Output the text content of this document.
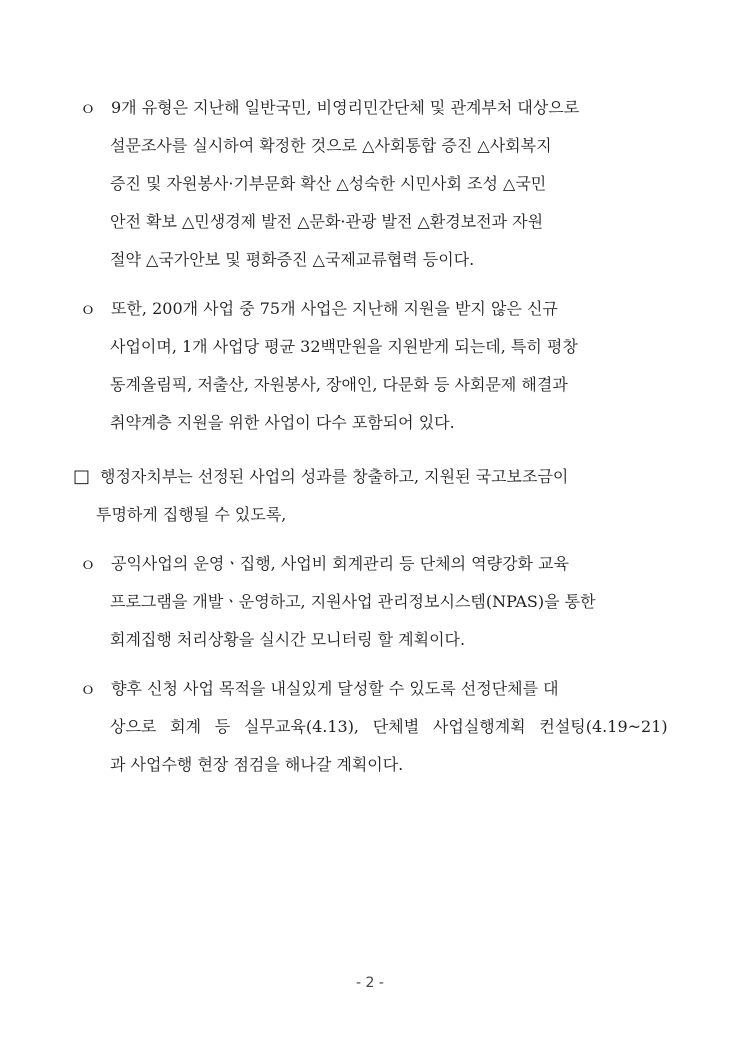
ｏ 9개 유형은 지난해 일반국민, 비영리민간단체 및 관계부처 대상으로
설문조사를 실시하여 확정한 것으로 △사회통합 증진 △사회복지
증진 및 자원봉사·기부문화 확산 △성숙한 시민사회 조성 △국민
안전 확보 △민생경제 발전 △문화·관광 발전 △환경보전과 자원
절약 △국가안보 및 평화증진 △국제교류협력 등이다.
ｏ 또한, 200개 사업 중 75개 사업은 지난해 지원을 받지 않은 신규
사업이며, 1개 사업당 평균 32백만원을 지원받게 되는데, 특히 평창
동계올림픽, 저출산, 자원봉사, 장애인, 다문화 등 사회문제 해결과
취약계층 지원을 위한 사업이 다수 포함되어 있다.
□ 행정자치부는 선정된 사업의 성과를 창출하고, 지원된 국고보조금이
투명하게 집행될 수 있도록,
ｏ 공익사업의 운영ㆍ집행, 사업비 회계관리 등 단체의 역량강화 교육
프로그램을 개발ㆍ운영하고, 지원사업 관리정보시스템(NPAS)을 통한
회계집행 처리상황을 실시간 모니터링 할 계획이다.
ｏ 향후 신청 사업 목적을 내실있게 달성할 수 있도록 선정단체를 대
상으로 회계 등 실무교육(4.13), 단체별 사업실행계획 컨설팅(4.19~21)
과 사업수행 현장 점검을 해나갈 계획이다.
- 2 -
